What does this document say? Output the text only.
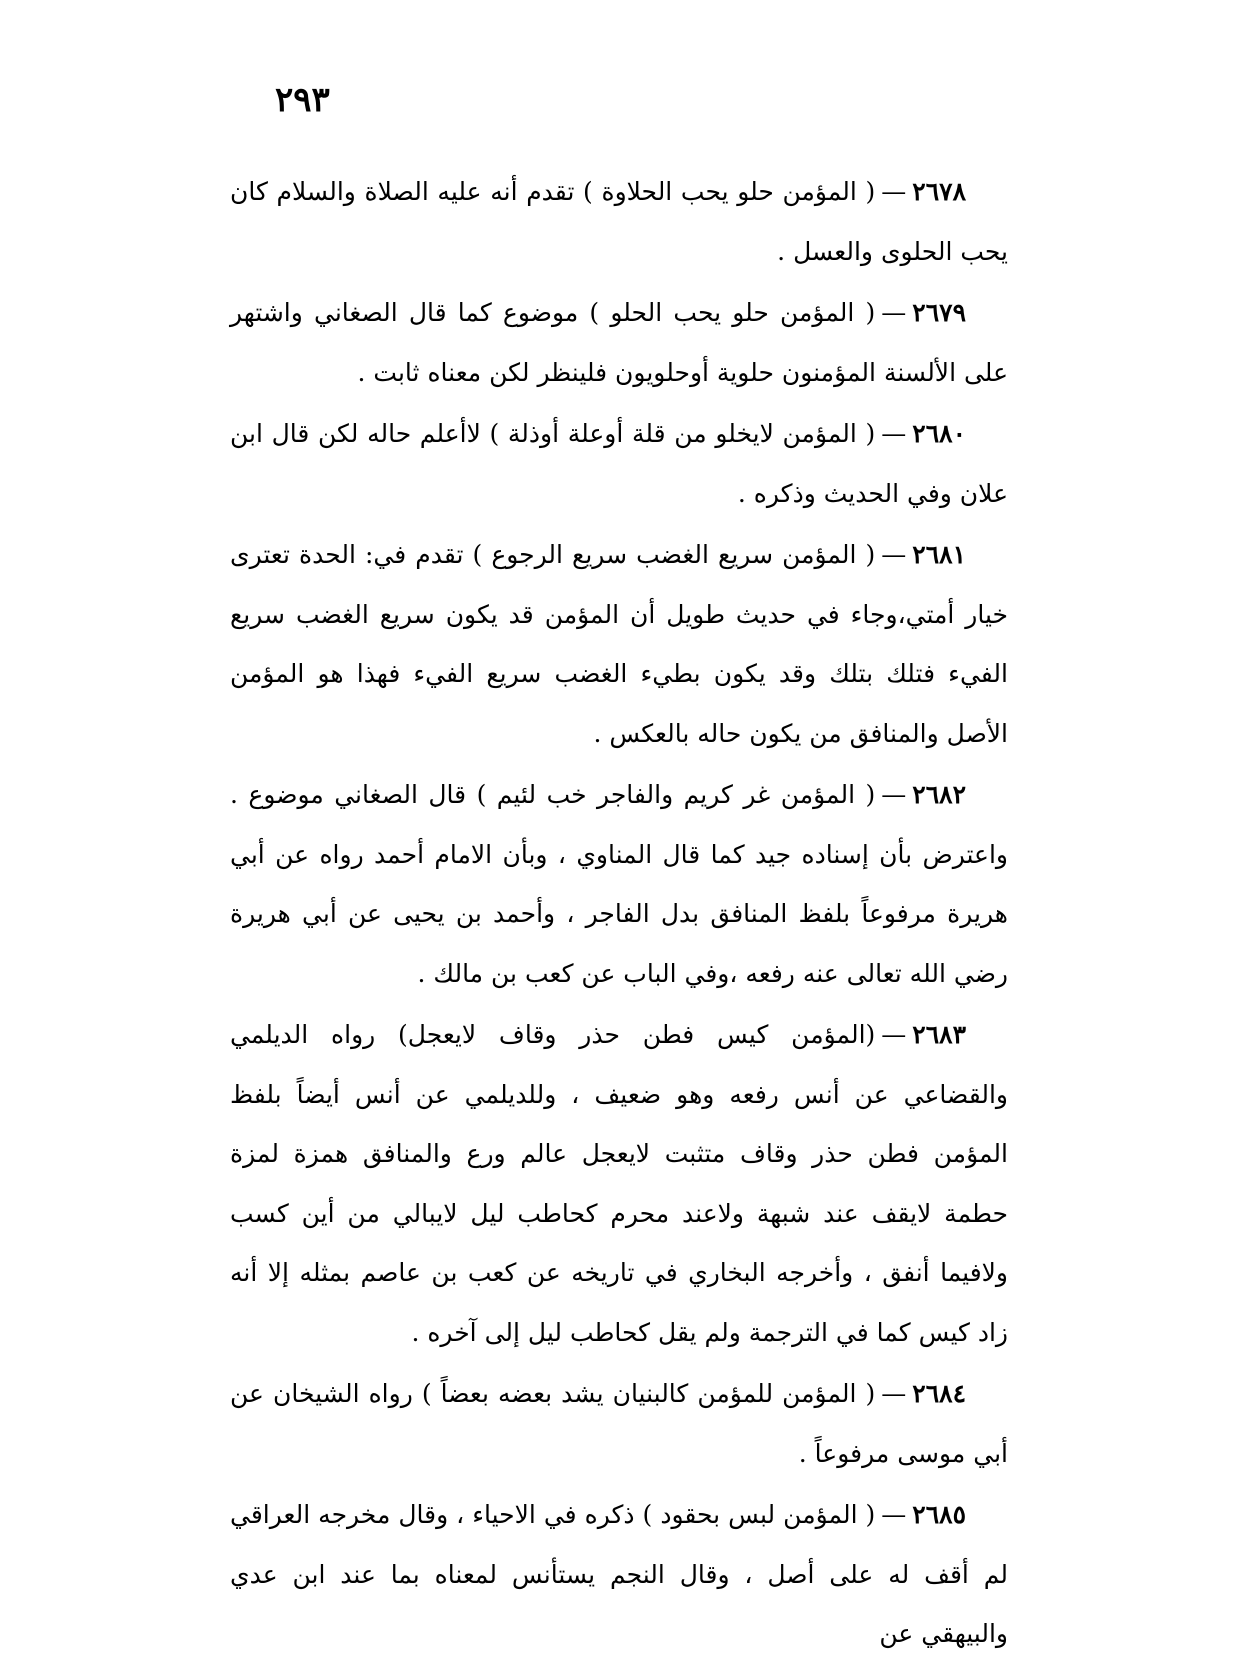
٢٩٣

٢٦٧٨—( المؤمن حلو يحب الحلاوة ) تقدم أنه عليه الصلاة والسلام كان يحب الحلوى والعسل .

٢٦٧٩—( المؤمن حلو يحب الحلو ) موضوع كما قال الصغاني واشتهر على الألسنة المؤمنون حلوية أوحلويون فلينظر لكن معناه ثابت .

٢٦٨٠—( المؤمن لايخلو من قلة أوعلة أوذلة ) لاأعلم حاله لكن قال ابن علان وفي الحديث وذكره .

٢٦٨١—( المؤمن سريع الغضب سريع الرجوع ) تقدم في: الحدة تعترى خيار أمتي،وجاء في حديث طويل أن المؤمن قد يكون سريع الغضب سريع الفيء فتلك بتلك وقد يكون بطيء الغضب سريع الفيء فهذا هو المؤمن الأصل والمنافق من يكون حاله بالعكس .

٢٦٨٢—( المؤمن غر كريم والفاجر خب لئيم ) قال الصغاني موضوع . واعترض بأن إسناده جيد كما قال المناوي ، وبأن الامام أحمد رواه عن أبي هريرة مرفوعاً بلفظ المنافق بدل الفاجر ، وأحمد بن يحيى عن أبي هريرة رضي الله تعالى عنه رفعه ،وفي الباب عن كعب بن مالك .

٢٦٨٣—(المؤمن كيس فطن حذر وقاف لايعجل) رواه الديلمي والقضاعي عن أنس رفعه وهو ضعيف ، وللديلمي عن أنس أيضاً بلفظ المؤمن فطن حذر وقاف متثبت لايعجل عالم ورع والمنافق همزة لمزة حطمة لايقف عند شبهة ولاعند محرم كحاطب ليل لايبالي من أين كسب ولافيما أنفق ، وأخرجه البخاري في تاريخه عن كعب بن عاصم بمثله إلا أنه زاد كيس كما في الترجمة ولم يقل كحاطب ليل إلى آخره .

٢٦٨٤—( المؤمن للمؤمن كالبنيان يشد بعضه بعضاً ) رواه الشيخان عن أبي موسى مرفوعاً .

٢٦٨٥—( المؤمن لبس بحقود ) ذكره في الاحياء ، وقال مخرجه العراقي لم أقف له على أصل ، وقال النجم يستأنس لمعناه بما عند ابن عدي والبيهقي عن
